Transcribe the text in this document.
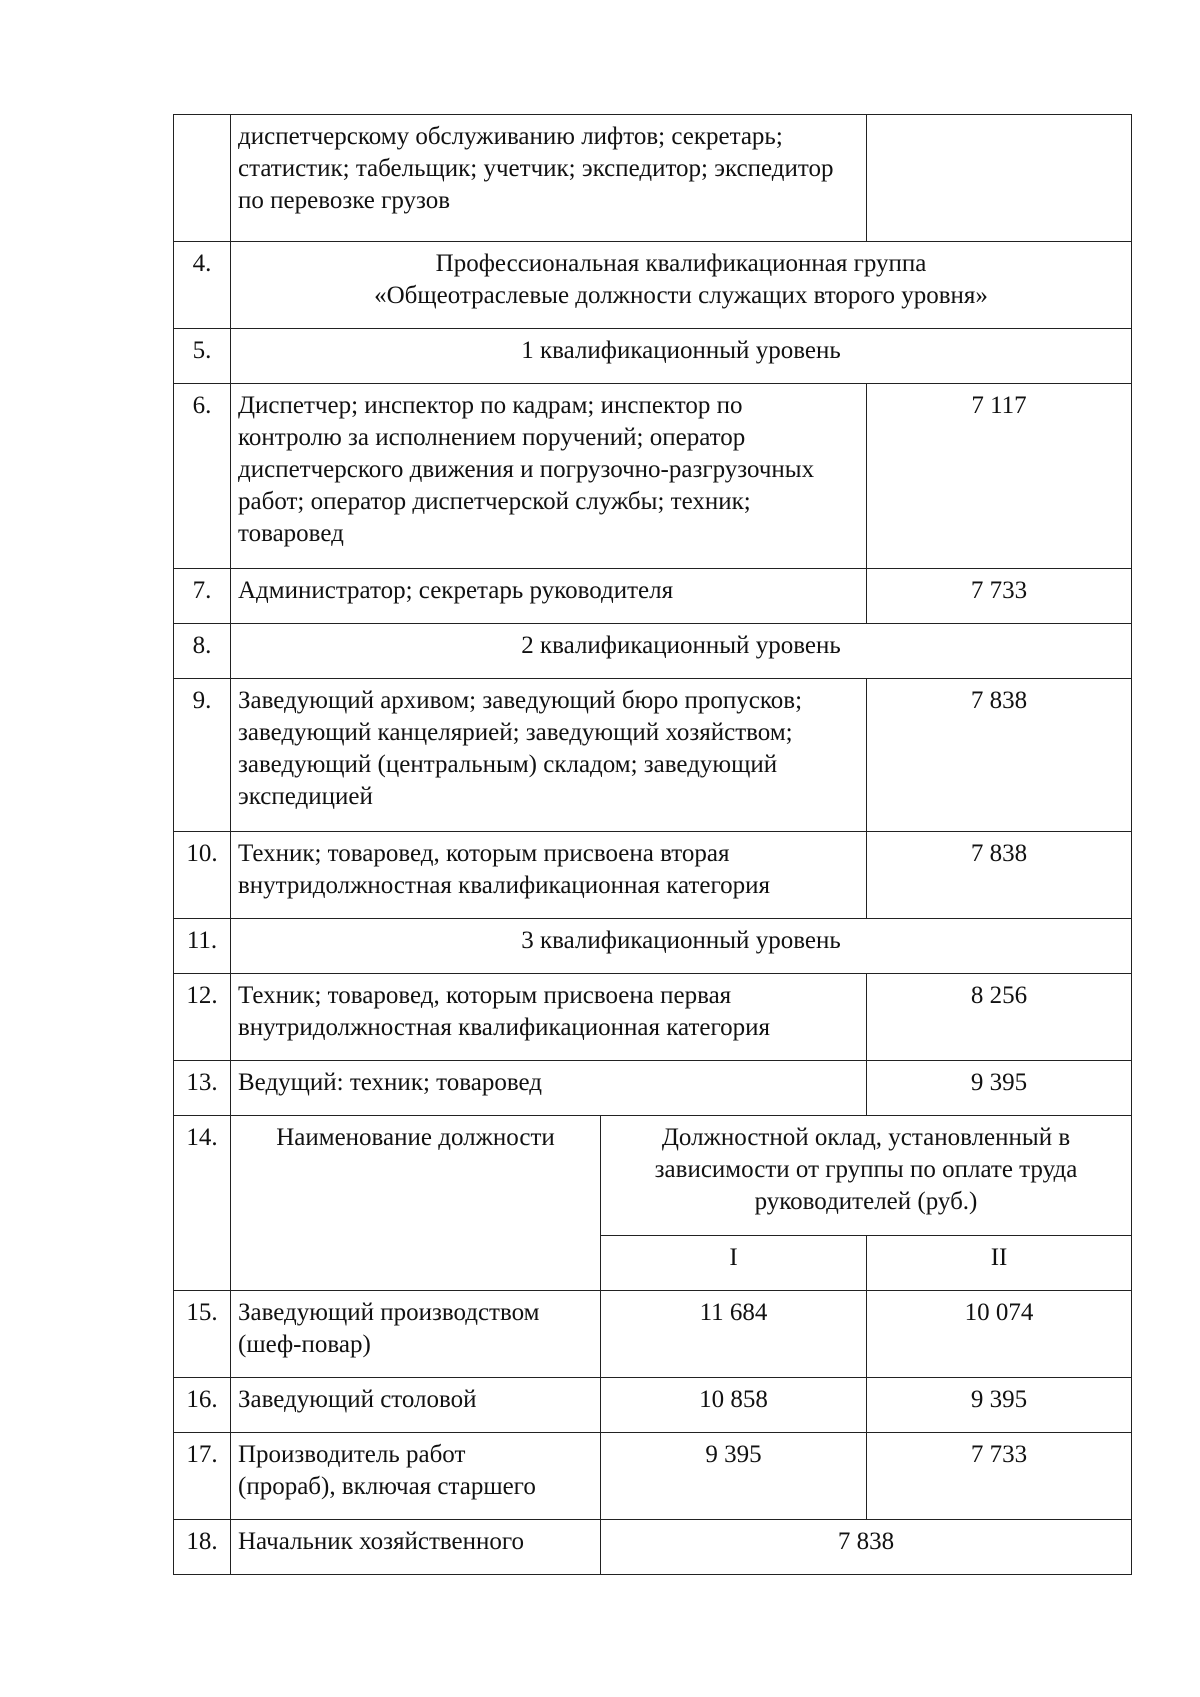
	диспетчерскому обслуживанию лифтов; секретарь;
статистик; табельщик; учетчик; экспедитор; экспедитор
по перевозке грузов		

4.	Профессиональная квалификационная группа
«Общеотраслевые должности служащих второго уровня»		

5.	1 квалификационный уровень		
6.	Диспетчер; инспектор по кадрам; инспектор по
контролю за исполнением поручений; оператор
диспетчерского движения и погрузочно-разгрузочных
работ; оператор диспетчерской службы; техник;
товаровед		7 117
7.	Администратор; секретарь руководителя		7 733
8.	2 квалификационный уровень		
9.	Заведующий архивом; заведующий бюро пропусков;
заведующий канцелярией; заведующий хозяйством;
заведующий (центральным) складом; заведующий
экспедицией		7 838
10.	Техник; товаровед, которым присвоена вторая
внутридолжностная квалификационная категория		7 838
11.	3 квалификационный уровень		
12.	Техник; товаровед, которым присвоена первая
внутридолжностная квалификационная категория		8 256
13.	Ведущий: техник; товаровед		9 395
14.	Наименование должности	Должностной оклад, установленный в
зависимости от группы по оплате труда
руководителей (руб.)	

		I	II
15.	Заведующий производством
(шеф-повар)	11 684	10 074
16.	Заведующий столовой	10 858	9 395
17.	Производитель работ
(прораб), включая старшего	9 395	7 733
18.	Начальник хозяйственного	7 838	
